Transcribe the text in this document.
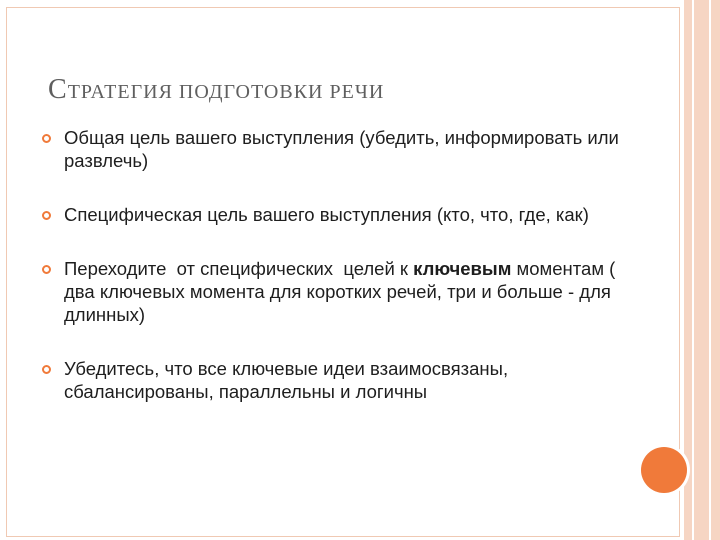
СТРАТЕГИЯ ПОДГОТОВКИ РЕЧИ
Общая цель вашего выступления (убедить, информировать или развлечь)
Специфическая цель вашего выступления (кто, что, где, как)
Переходите  от специфических  целей к ключевым моментам ( два ключевых момента для коротких речей, три и больше - для длинных)
Убедитесь, что все ключевые идеи взаимосвязаны, сбалансированы, параллельны и логичны
